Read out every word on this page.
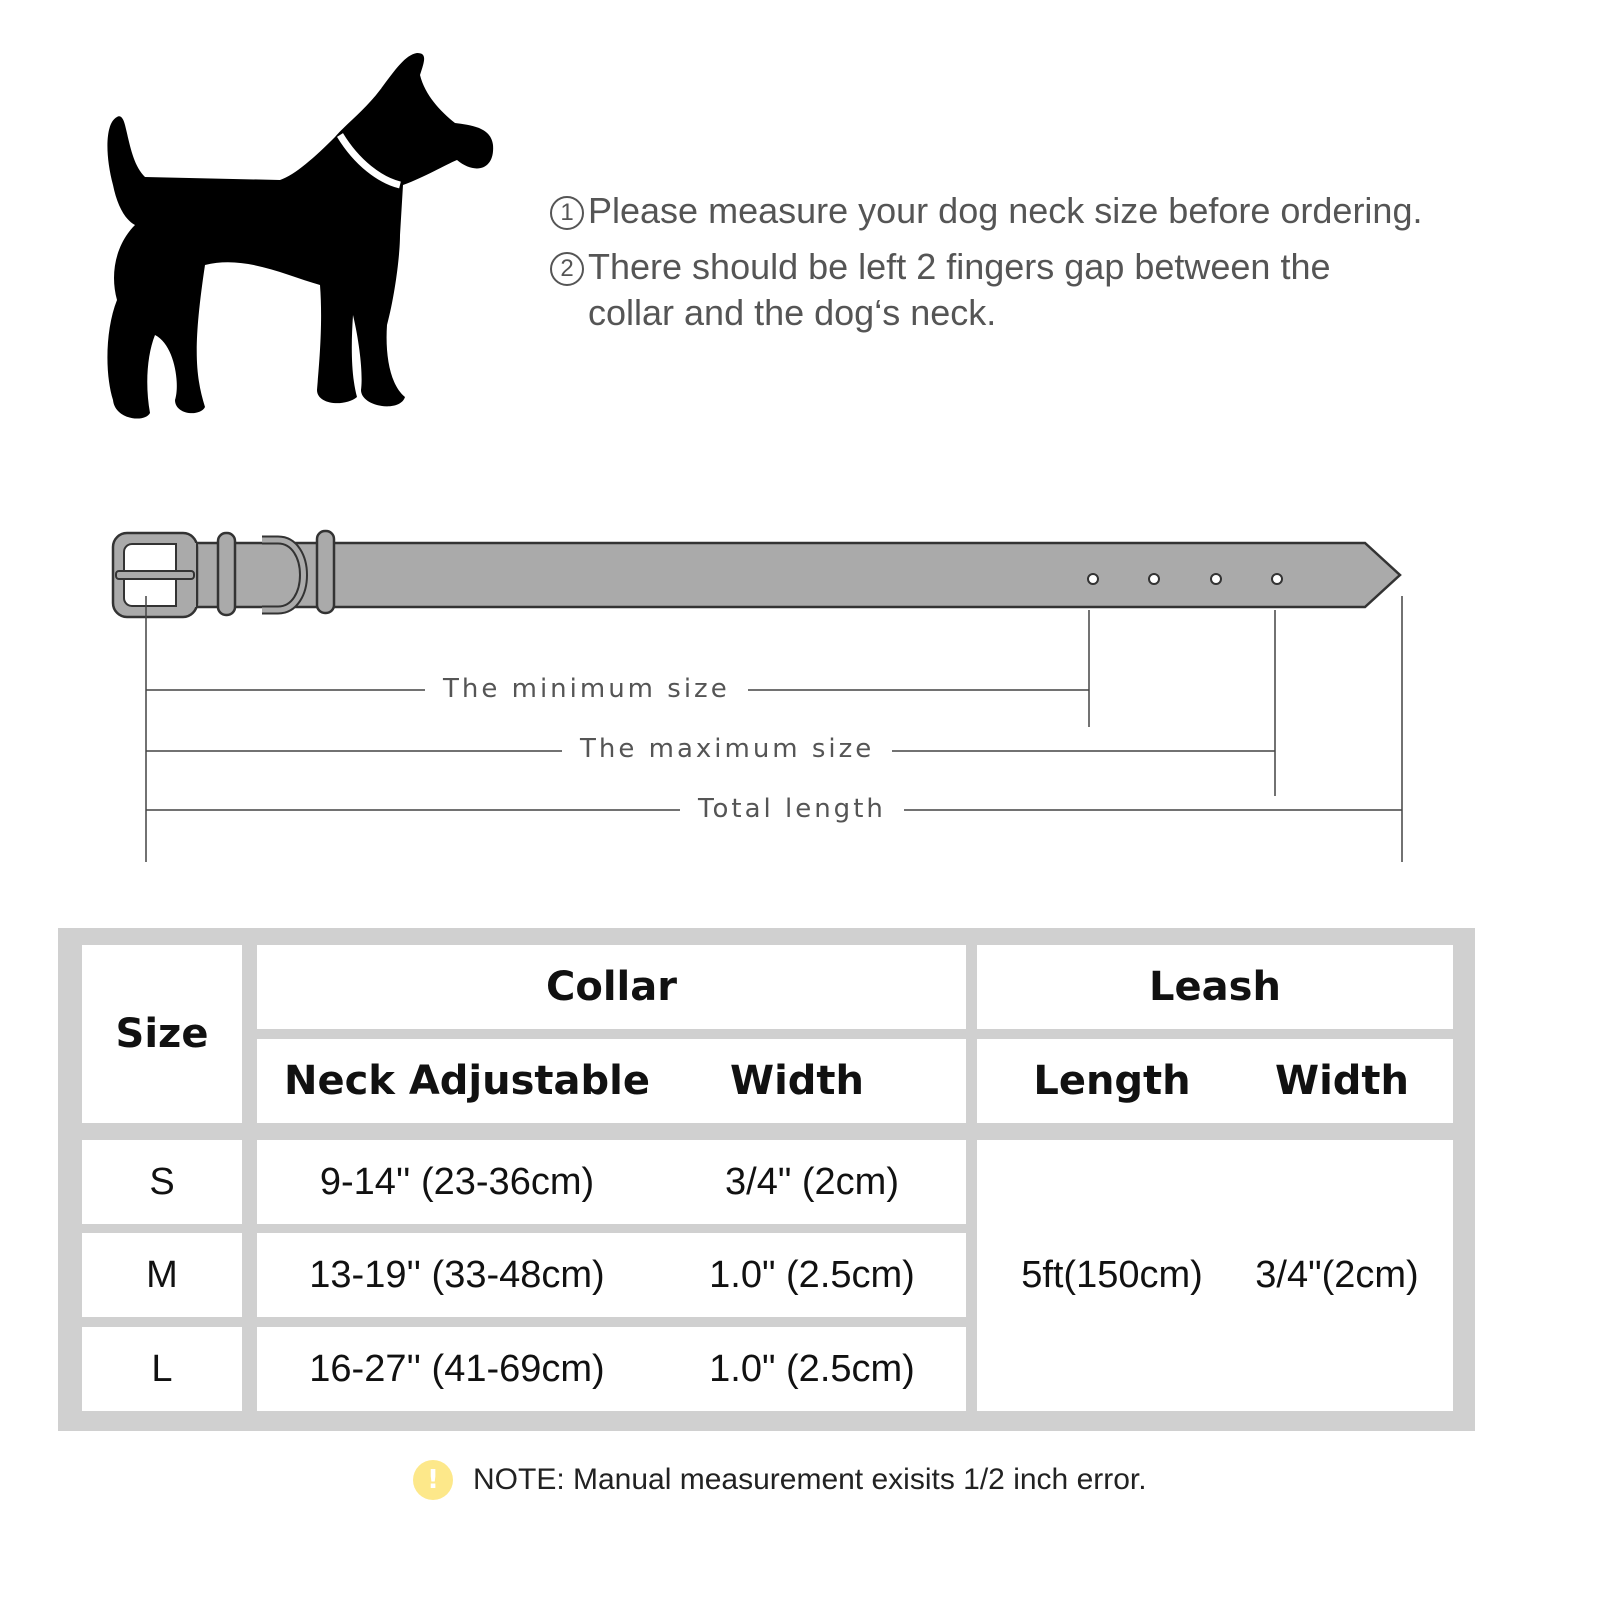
1 Please measure your dog neck size before ordering.
2 There should be left 2 fingers gap between the
collar and the dog‘s neck.
The minimum size
The maximum size
Total length
Size
Collar	Leash
Neck Adjustable	Width	Length	Width
S	9-14'' (23-36cm)	3/4" (2cm)
M	13-19'' (33-48cm)	1.0" (2.5cm)
L	16-27'' (41-69cm)	1.0" (2.5cm)
5ft(150cm)	3/4"(2cm)
!	NOTE: Manual measurement exisits 1/2 inch error.
